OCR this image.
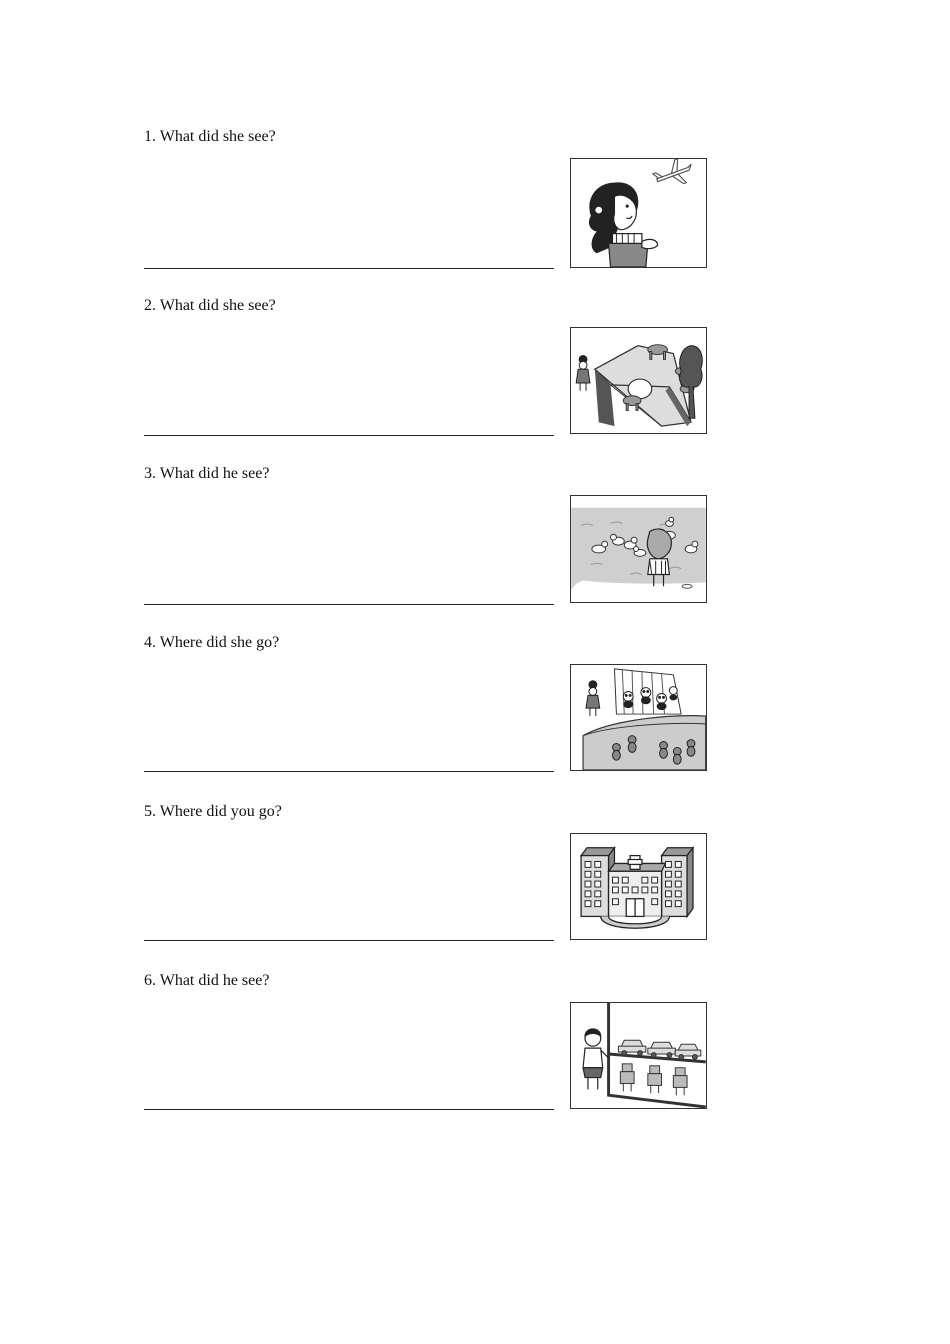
1. What did she see?
2. What did she see?
3. What did he see?
4. Where did she go?
5. Where did you go?
6. What did he see?
